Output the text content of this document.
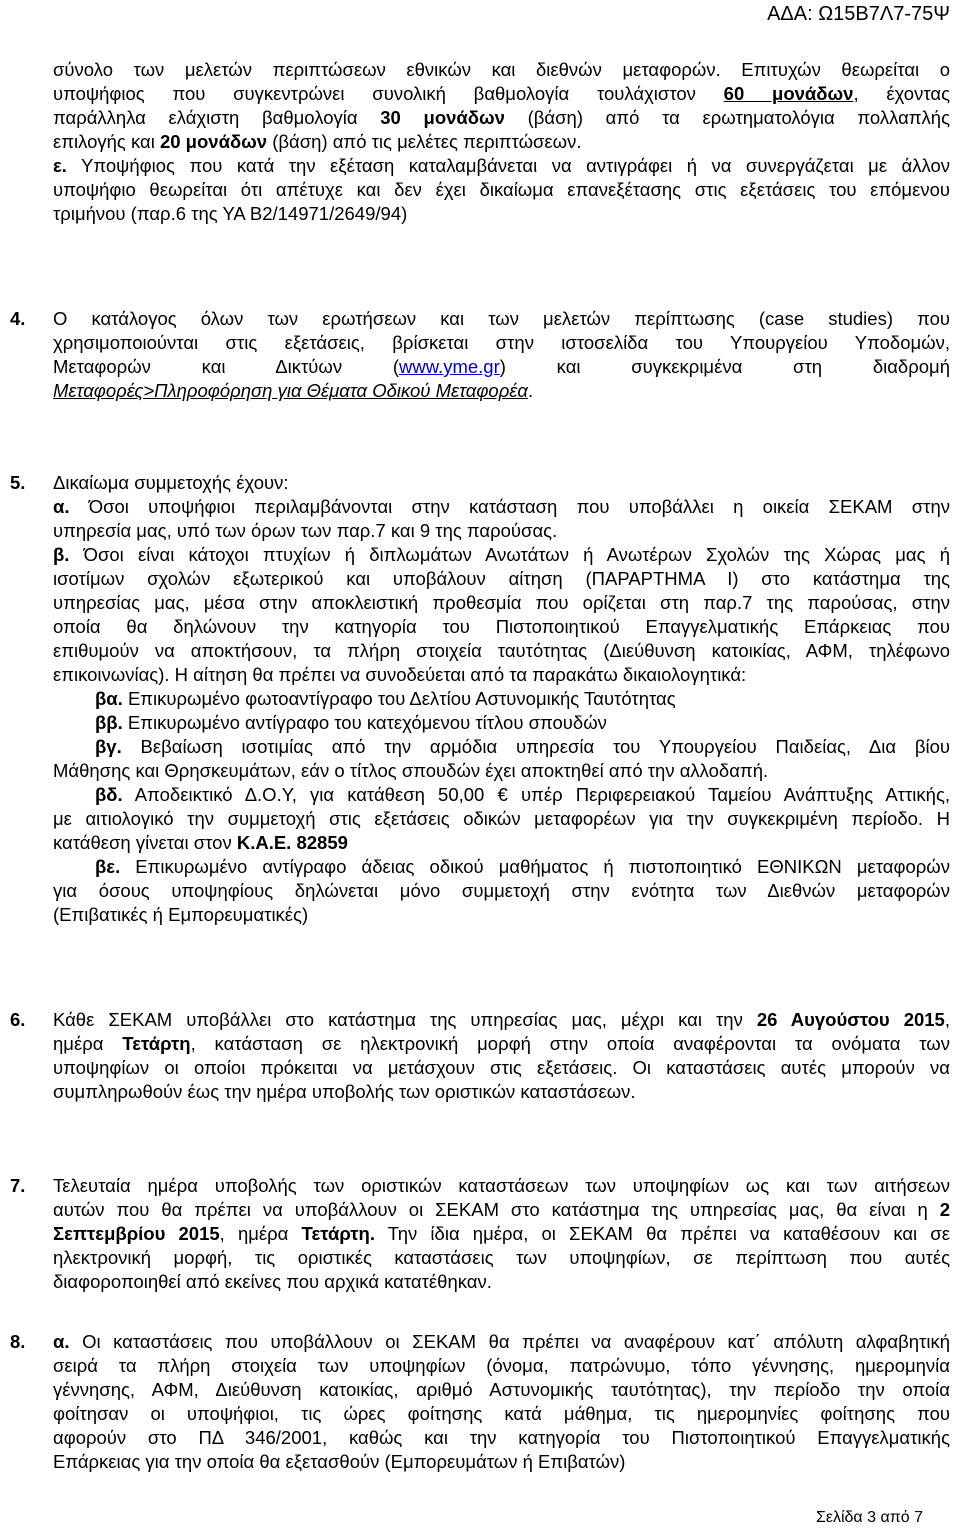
ΑΔΑ: Ω15Β7Λ7-75Ψ
σύνολο των μελετών περιπτώσεων εθνικών και διεθνών μεταφορών. Επιτυχών θεωρείται ο
υποψήφιος που συγκεντρώνει συνολική βαθμολογία τουλάχιστον 60 μονάδων, έχοντας
παράλληλα ελάχιστη βαθμολογία 30 μονάδων (βάση) από τα ερωτηματολόγια πολλαπλής
επιλογής και 20 μονάδων (βάση) από τις μελέτες περιπτώσεων.
ε. Υποψήφιος που κατά την εξέταση καταλαμβάνεται να αντιγράφει ή να συνεργάζεται με άλλον
υποψήφιο θεωρείται ότι απέτυχε και δεν έχει δικαίωμα επανεξέτασης στις εξετάσεις του επόμενου
τριμήνου (παρ.6 της ΥΑ Β2/14971/2649/94)
4. Ο κατάλογος όλων των ερωτήσεων και των μελετών περίπτωσης (case studies) που
χρησιμοποιούνται στις εξετάσεις, βρίσκεται στην ιστοσελίδα του Υπουργείου Υποδομών,
Μεταφορών και Δικτύων (www.yme.gr) και συγκεκριμένα στη διαδρομή
Μεταφορές>Πληροφόρηση για Θέματα Οδικού Μεταφορέα.
5. Δικαίωμα συμμετοχής έχουν:
α. Όσοι υποψήφιοι περιλαμβάνονται στην κατάσταση που υποβάλλει η οικεία ΣΕΚΑΜ στην
υπηρεσία μας, υπό των όρων των παρ.7 και 9 της παρούσας.
β. Όσοι είναι κάτοχοι πτυχίων ή διπλωμάτων Ανωτάτων ή Ανωτέρων Σχολών της Χώρας μας ή
ισοτίμων σχολών εξωτερικού και υποβάλουν αίτηση (ΠΑΡΑΡΤΗΜΑ Ι) στο κατάστημα της
υπηρεσίας μας, μέσα στην αποκλειστική προθεσμία που ορίζεται στη παρ.7 της παρούσας, στην
οποία θα δηλώνουν την κατηγορία του Πιστοποιητικού Επαγγελματικής Επάρκειας που
επιθυμούν να αποκτήσουν, τα πλήρη στοιχεία ταυτότητας (Διεύθυνση κατοικίας, ΑΦΜ, τηλέφωνο
επικοινωνίας). Η αίτηση θα πρέπει να συνοδεύεται από τα παρακάτω δικαιολογητικά:
βα. Επικυρωμένο φωτοαντίγραφο του Δελτίου Αστυνομικής Ταυτότητας
ββ. Επικυρωμένο αντίγραφο του κατεχόμενου τίτλου σπουδών
βγ. Βεβαίωση ισοτιμίας από την αρμόδια υπηρεσία του Υπουργείου Παιδείας, Δια βίου
Μάθησης και Θρησκευμάτων, εάν ο τίτλος σπουδών έχει αποκτηθεί από την αλλοδαπή.
βδ. Αποδεικτικό Δ.Ο.Υ, για κατάθεση 50,00 € υπέρ Περιφερειακού Ταμείου Ανάπτυξης Αττικής,
με αιτιολογικό την συμμετοχή στις εξετάσεις οδικών μεταφορέων για την συγκεκριμένη περίοδο. Η
κατάθεση γίνεται στον Κ.Α.Ε. 82859
βε. Επικυρωμένο αντίγραφο άδειας οδικού μαθήματος ή πιστοποιητικό ΕΘΝΙΚΩΝ μεταφορών
για όσους υποψηφίους δηλώνεται μόνο συμμετοχή στην ενότητα των Διεθνών μεταφορών
(Επιβατικές ή Εμπορευματικές)
6. Κάθε ΣΕΚΑΜ υποβάλλει στο κατάστημα της υπηρεσίας μας, μέχρι και την 26 Αυγούστου 2015,
ημέρα Τετάρτη, κατάσταση σε ηλεκτρονική μορφή στην οποία αναφέρονται τα ονόματα των
υποψηφίων οι οποίοι πρόκειται να μετάσχουν στις εξετάσεις. Οι καταστάσεις αυτές μπορούν να
συμπληρωθούν έως την ημέρα υποβολής των οριστικών καταστάσεων.
7. Τελευταία ημέρα υποβολής των οριστικών καταστάσεων των υποψηφίων ως και των αιτήσεων
αυτών που θα πρέπει να υποβάλλουν οι ΣΕΚΑΜ στο κατάστημα της υπηρεσίας μας, θα είναι η 2
Σεπτεμβρίου 2015, ημέρα Τετάρτη. Την ίδια ημέρα, οι ΣΕΚΑΜ θα πρέπει να καταθέσουν και σε
ηλεκτρονική μορφή, τις οριστικές καταστάσεις των υποψηφίων, σε περίπτωση που αυτές
διαφοροποιηθεί από εκείνες που αρχικά κατατέθηκαν.
8. α. Οι καταστάσεις που υποβάλλουν οι ΣΕΚΑΜ θα πρέπει να αναφέρουν κατ΄ απόλυτη αλφαβητική
σειρά τα πλήρη στοιχεία των υποψηφίων (όνομα, πατρώνυμο, τόπο γέννησης, ημερομηνία
γέννησης, ΑΦΜ, Διεύθυνση κατοικίας, αριθμό Αστυνομικής ταυτότητας), την περίοδο την οποία
φοίτησαν οι υποψήφιοι, τις ώρες φοίτησης κατά μάθημα, τις ημερομηνίες φοίτησης που
αφορούν στο ΠΔ 346/2001, καθώς και την κατηγορία του Πιστοποιητικού Επαγγελματικής
Επάρκειας για την οποία θα εξετασθούν (Εμπορευμάτων ή Επιβατών)
Σελίδα 3 από 7
